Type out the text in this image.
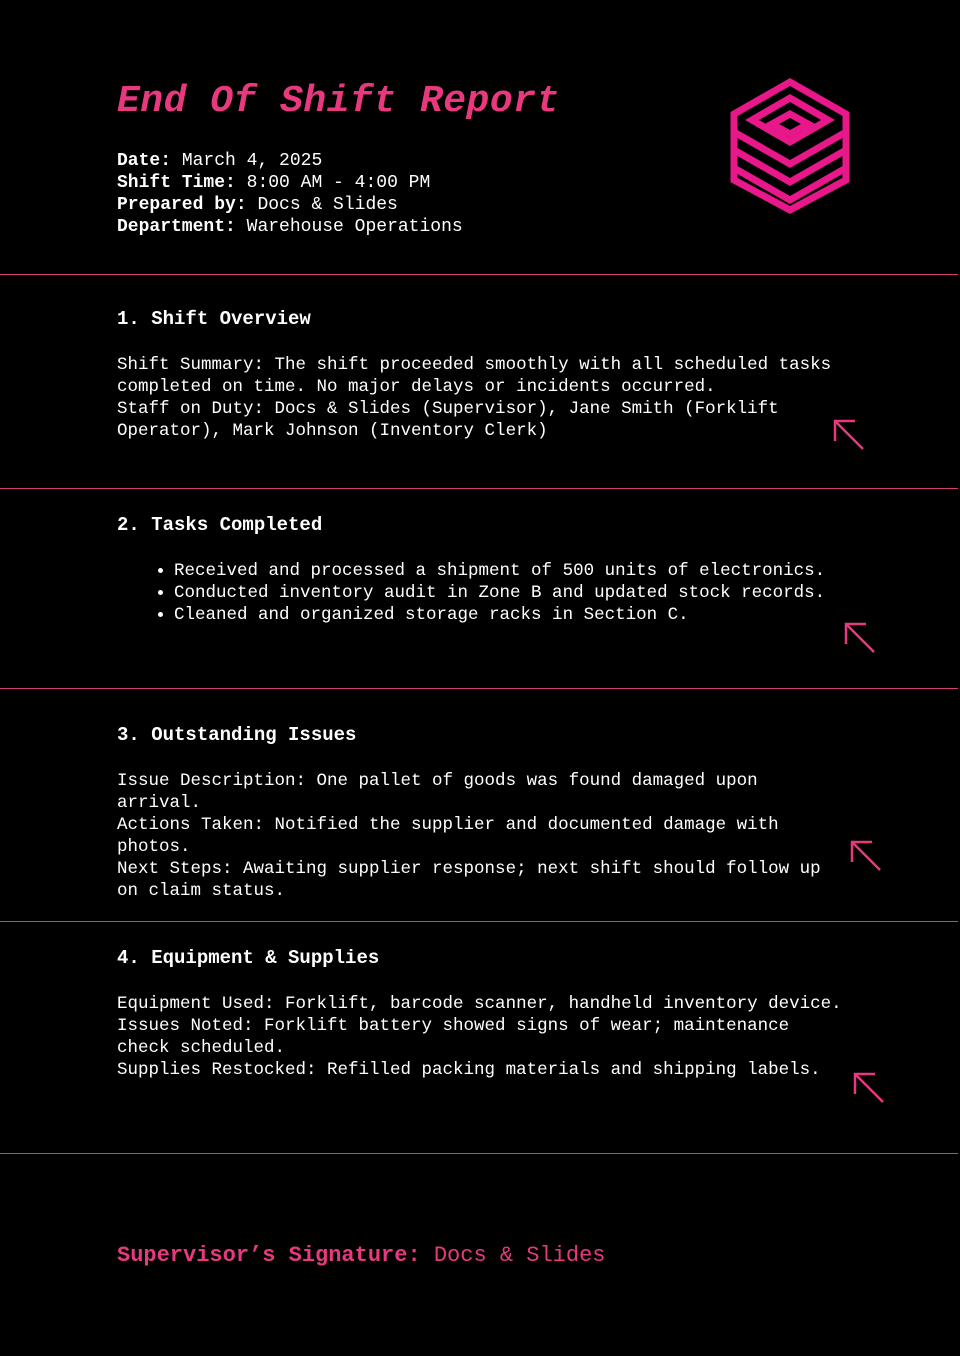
End Of Shift Report
Date: March 4, 2025
Shift Time: 8:00 AM - 4:00 PM
Prepared by: Docs & Slides
Department: Warehouse Operations
1. Shift Overview

Shift Summary: The shift proceeded smoothly with all scheduled tasks completed on time. No major delays or incidents occurred.

Staff on Duty: Docs & Slides (Supervisor), Jane Smith (Forklift Operator), Mark Johnson (Inventory Clerk)

2. Tasks Completed
• Received and processed a shipment of 500 units of electronics.
• Conducted inventory audit in Zone B and updated stock records.
• Cleaned and organized storage racks in Section C.
3. Outstanding Issues

Issue Description: One pallet of goods was found damaged upon arrival.

Actions Taken: Notified the supplier and documented damage with photos.

Next Steps: Awaiting supplier response; next shift should follow up on claim status.

4. Equipment & Supplies

Equipment Used: Forklift, barcode scanner, handheld inventory device.

Issues Noted: Forklift battery showed signs of wear; maintenance check scheduled.

Supplies Restocked: Refilled packing materials and shipping labels.

Supervisor’s Signature: Docs & Slides
